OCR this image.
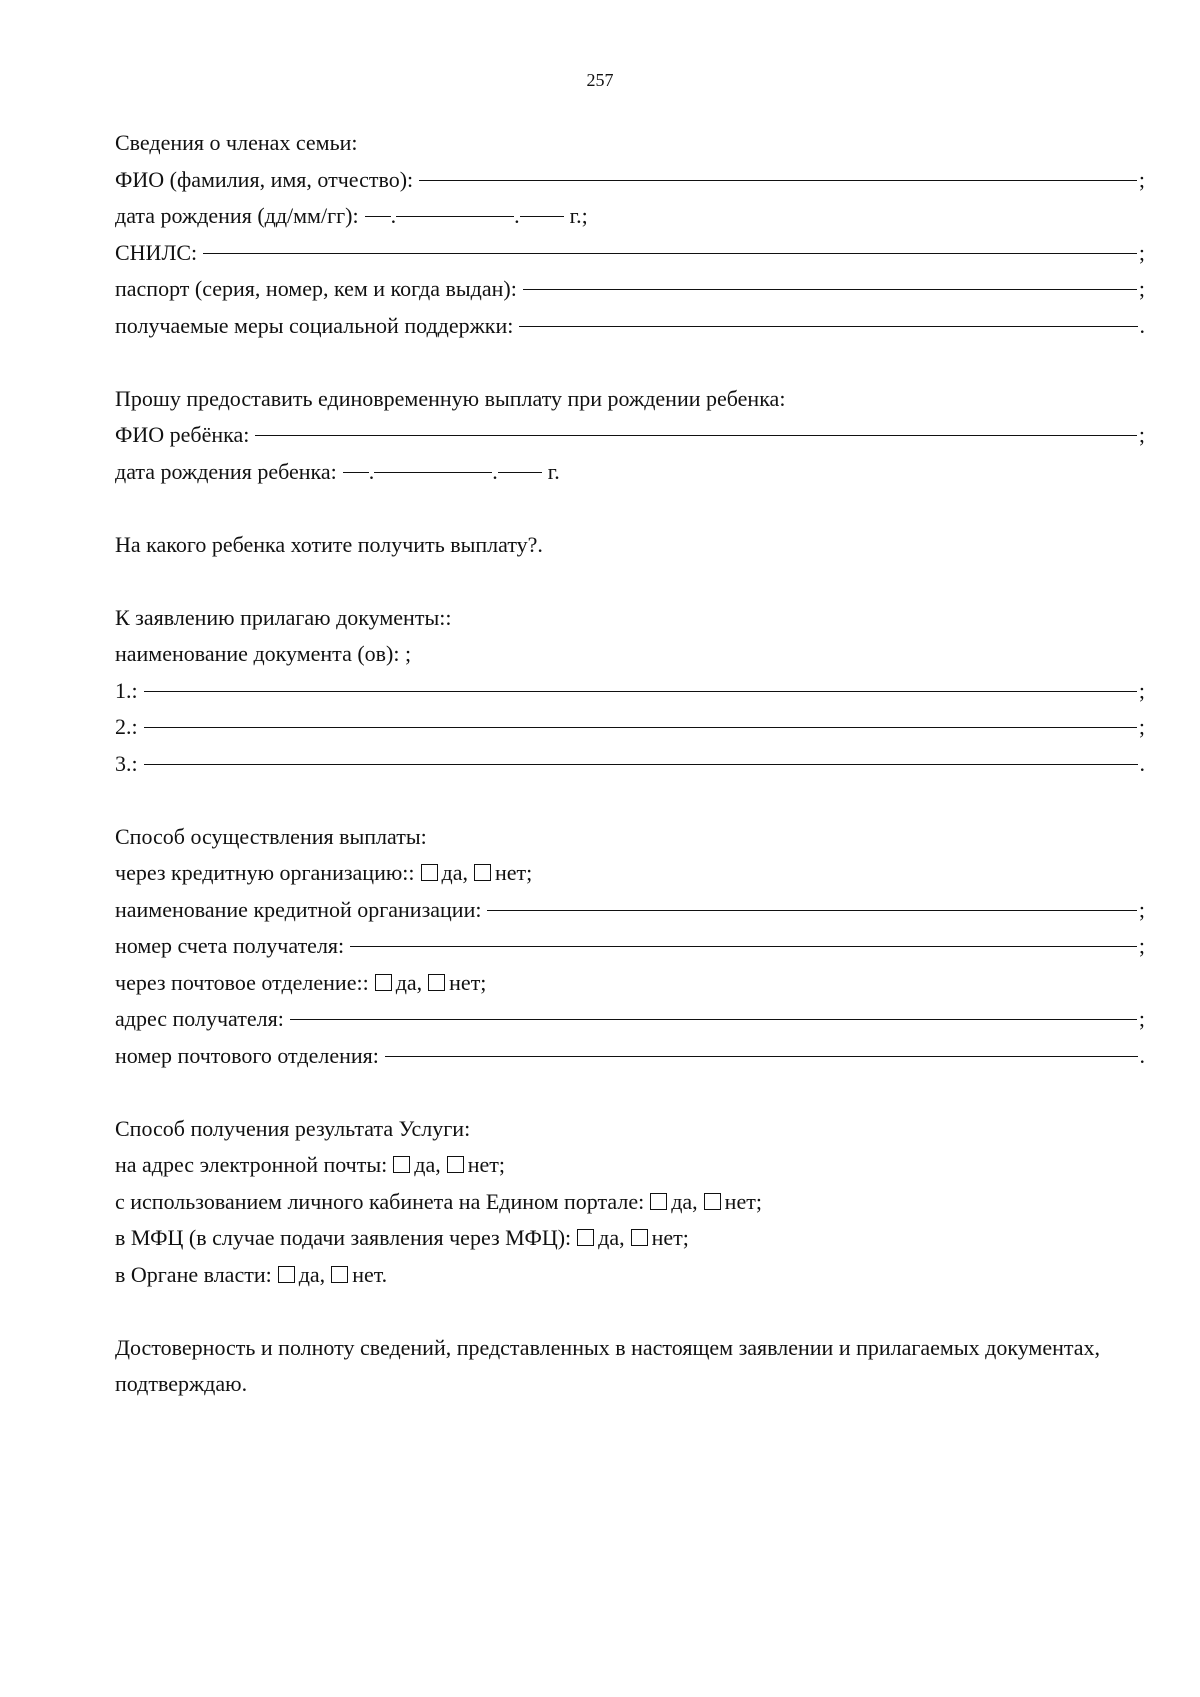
257
Сведения о членах семьи:
ФИО (фамилия, имя, отчество):	;
дата рождения (дд/мм/гг): .	. г.;
СНИЛС:	;
паспорт (серия, номер, кем и когда выдан):	;
получаемые меры социальной поддержки:	.
Прошу предоставить единовременную выплату при рождении ребенка:
ФИО ребёнка:	;
дата рождения ребенка: .	. г.
На какого ребенка хотите получить выплату?.
К заявлению прилагаю документы::
наименование документа (ов): ;
1.:	;
2.:	;
3.:	.
Способ осуществления выплаты:
через кредитную организацию:: да, нет;
наименование кредитной организации:	;
номер счета получателя:	;
через почтовое отделение:: да, нет;
адрес получателя:	;
номер почтового отделения:	.
Способ получения результата Услуги:
на адрес электронной почты: да, нет;
с использованием личного кабинета на Едином портале: да, нет;
в МФЦ (в случае подачи заявления через МФЦ): да, нет;
в Органе власти: да, нет.
Достоверность и полноту сведений, представленных в настоящем заявлении и прилагаемых документах, подтверждаю.
